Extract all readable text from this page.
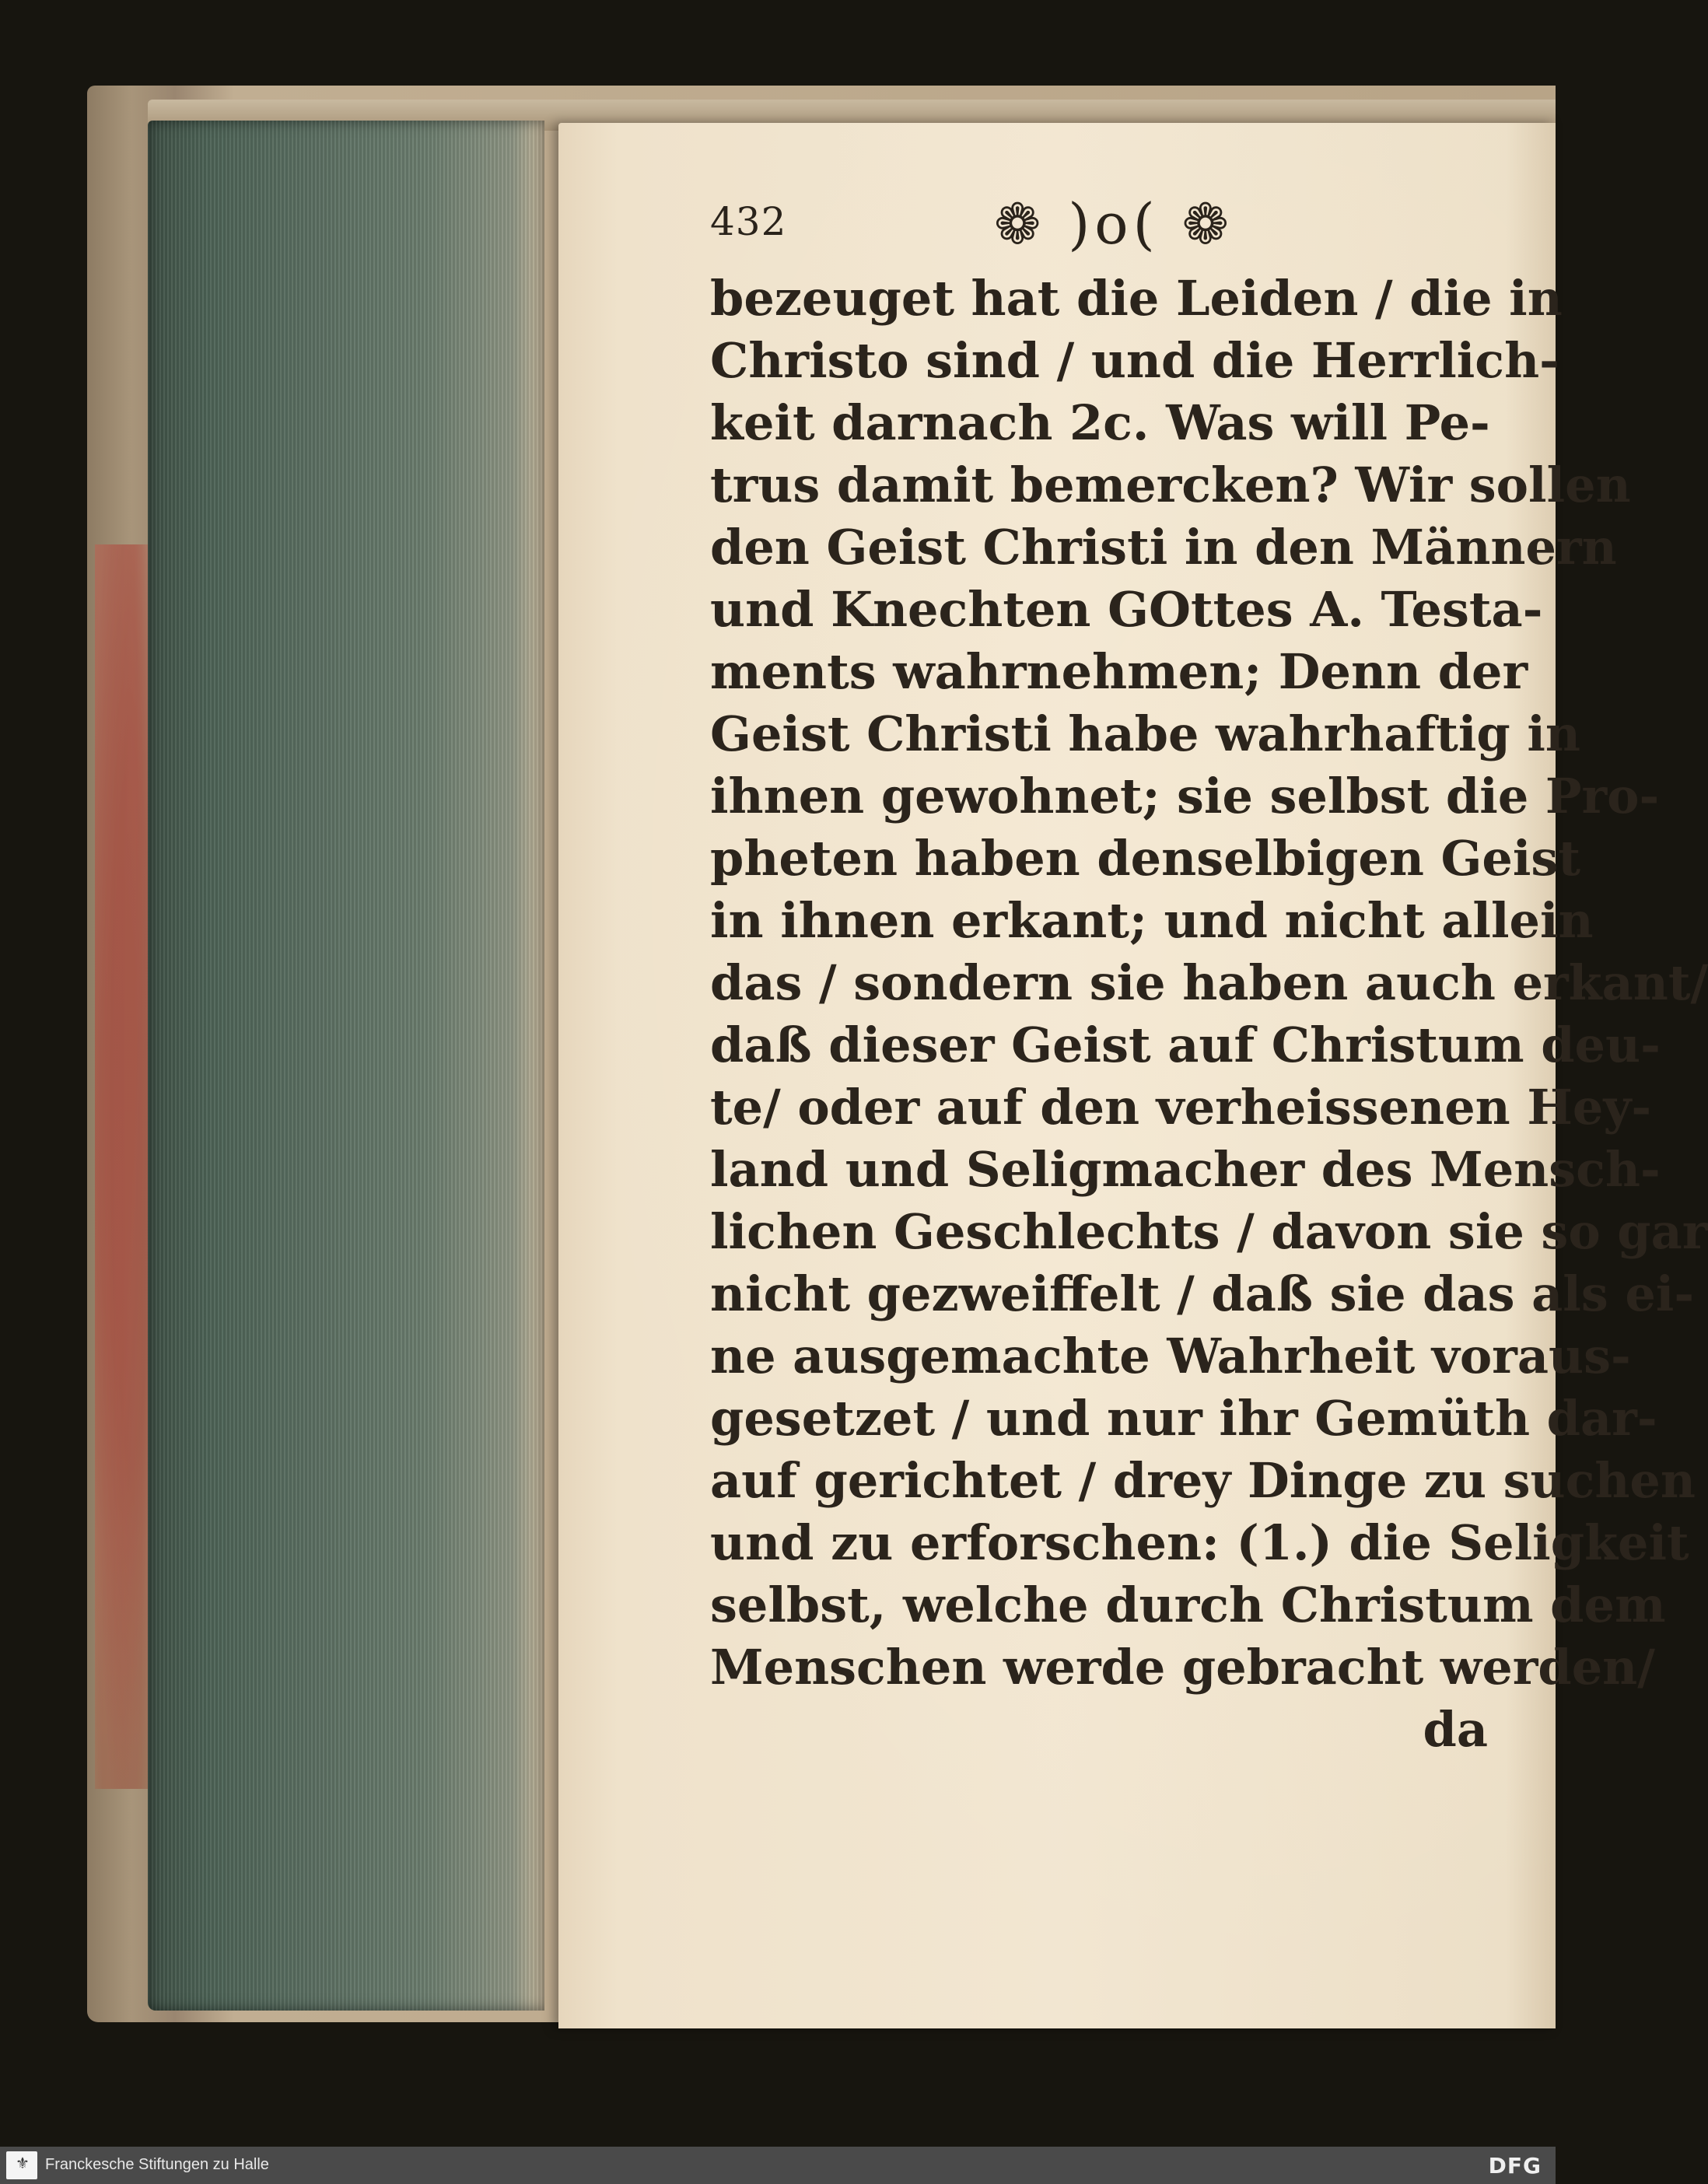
432	❁ )o( ❁
bezeuget hat die Leiden / die in
Christo sind / und die Herrlich-
keit darnach 2c. Was will Pe-
trus damit bemercken? Wir sollen
den Geist Christi in den Männern
und Knechten GOttes A. Testa-
ments wahrnehmen; Denn der
Geist Christi habe wahrhaftig in
ihnen gewohnet; sie selbst die Pro-
pheten haben denselbigen Geist
in ihnen erkant; und nicht allein
das / sondern sie haben auch erkant/
daß dieser Geist auf Christum deu-
te/ oder auf den verheissenen Hey-
land und Seligmacher des Mensch-
lichen Geschlechts / davon sie so gar
nicht gezweiffelt / daß sie das als ei-
ne ausgemachte Wahrheit voraus-
gesetzet / und nur ihr Gemüth dar-
auf gerichtet / drey Dinge zu suchen
und zu erforschen: (1.) die Seligkeit
selbst, welche durch Christum dem
Menschen werde gebracht werden/
da
⚜ Franckesche Stiftungen zu Halle	DFG
